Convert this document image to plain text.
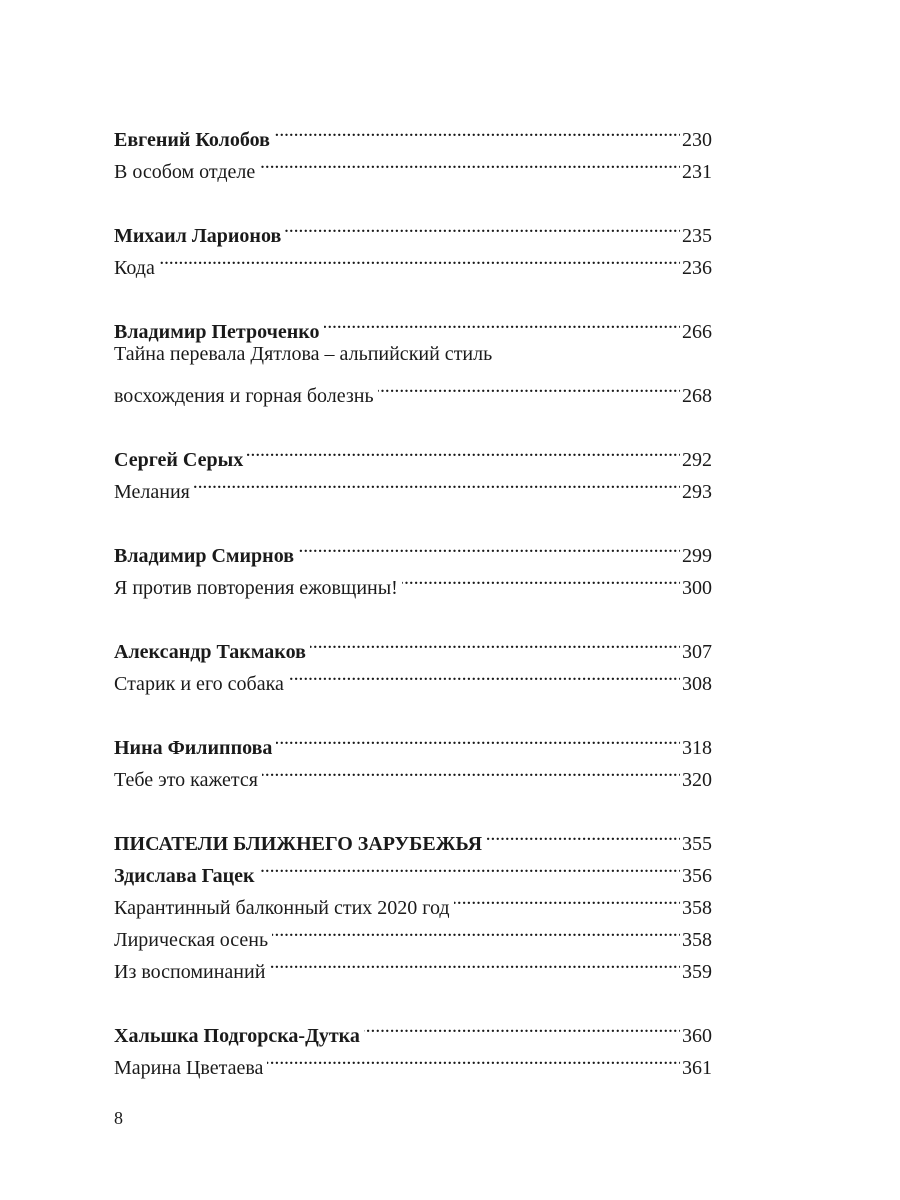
Евгений Колобов . . .	230
В особом отделе . . .	231
Михаил Ларионов . . .	235
Кода . . .	236
Владимир Петроченко . . .	266
Тайна перевала Дятлова – альпийский стиль
восхождения и горная болезнь . . .	268
Сергей Серых . . .	292
Мелания . . .	293
Владимир Смирнов . . .	299
Я против повторения ежовщины! . . .	300
Александр Такмаков . . .	307
Старик и его собака . . .	308
Нина Филиппова . . .	318
Тебе это кажется . . .	320
ПИСАТЕЛИ БЛИЖНЕГО ЗАРУБЕЖЬЯ . . .	355
Здислава Гацек . . .	356
Карантинный балконный стих 2020 год . . .	358
Лирическая осень . . .	358
Из воспоминаний . . .	359
Хальшка Подгорска-Дутка . . .	360
Марина Цветаева . . .	361
8
